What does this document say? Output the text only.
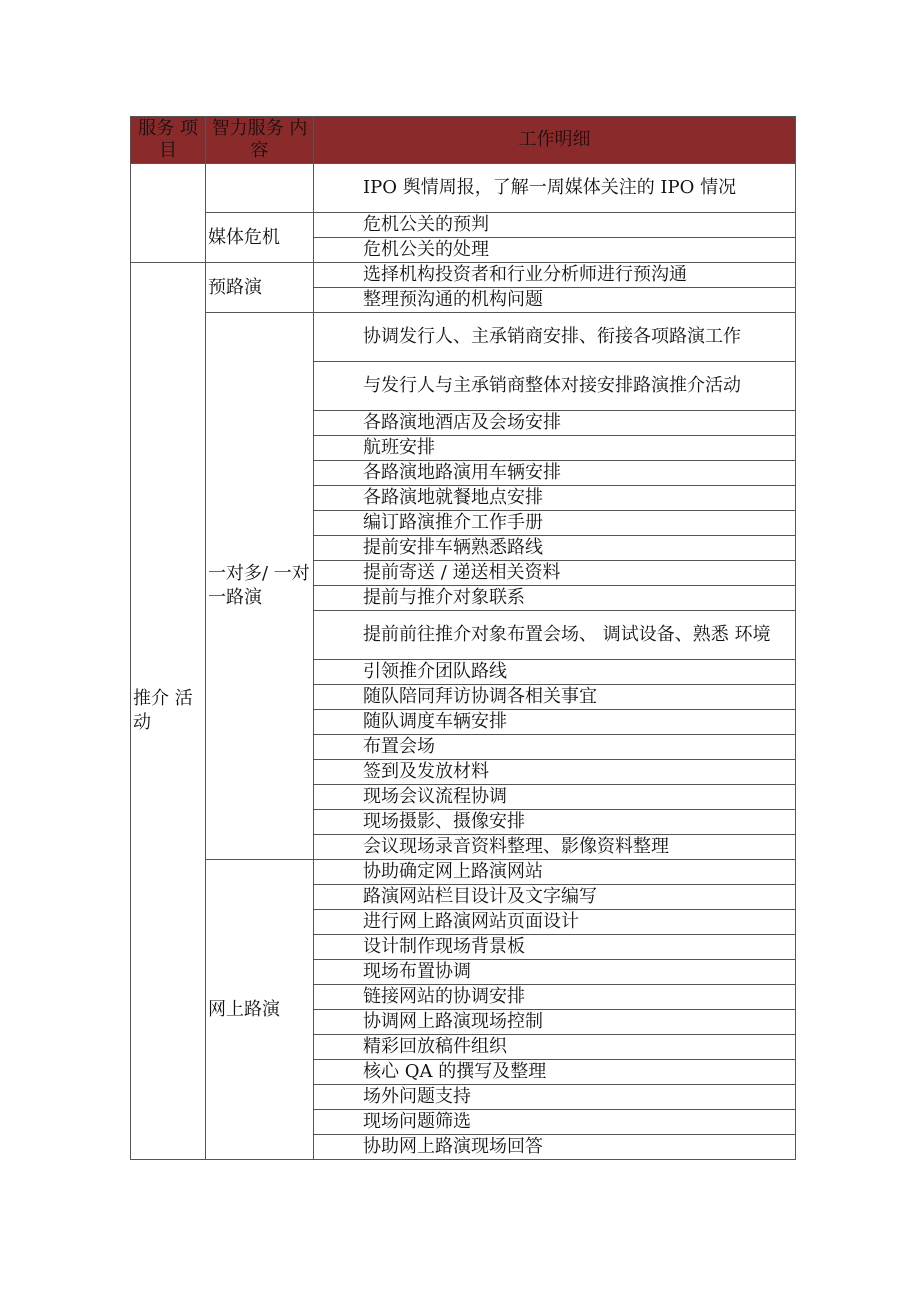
服务 项 目	智力服务 内容	工作明细

		IPO 舆情周报，了解一周媒体关注的 IPO 情况

	媒体危机	危机公关的预判

		危机公关的处理

推介 活动	预路演	选择机构投资者和行业分析师进行预沟通

		整理预沟通的机构问题

	一对多/ 一对一路演	协调发行人、主承销商安排、衔接各项路演工作

		与发行人与主承销商整体对接安排路演推介活动

		各路演地酒店及会场安排

		航班安排

		各路演地路演用车辆安排

		各路演地就餐地点安排

		编订路演推介工作手册

		提前安排车辆熟悉路线

		提前寄送 / 递送相关资料

		提前与推介对象联系

		提前前往推介对象布置会场、 调试设备、熟悉 环境

		引领推介团队路线

		随队陪同拜访协调各相关事宜

		随队调度车辆安排

		布置会场

		签到及发放材料

		现场会议流程协调

		现场摄影、摄像安排

		会议现场录音资料整理、影像资料整理

	网上路演	协助确定网上路演网站

		路演网站栏目设计及文字编写

		进行网上路演网站页面设计

		设计制作现场背景板

		现场布置协调

		链接网站的协调安排

		协调网上路演现场控制

		精彩回放稿件组织

		核心 QA 的撰写及整理

		场外问题支持

		现场问题筛选

		协助网上路演现场回答
